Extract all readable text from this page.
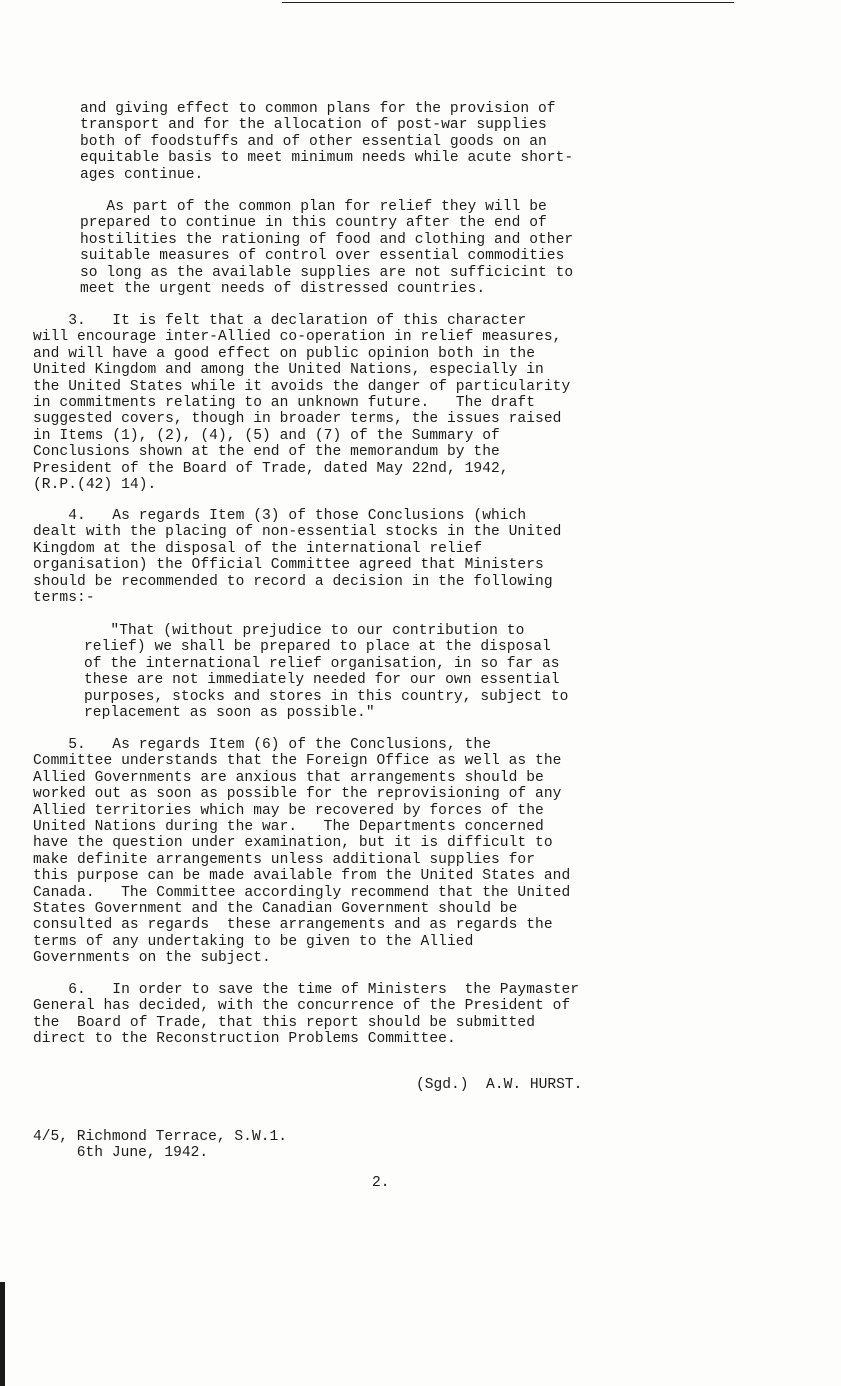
and giving effect to common plans for the provision of
transport and for the allocation of post-war supplies
both of foodstuffs and of other essential goods on an
equitable basis to meet minimum needs while acute short-
ages continue.

As part of the common plan for relief they will be
prepared to continue in this country after the end of
hostilities the rationing of food and clothing and other
suitable measures of control over essential commodities
so long as the available supplies are not sufficicint to
meet the urgent needs of distressed countries.

3.   It is felt that a declaration of this character
will encourage inter-Allied co-operation in relief measures,
and will have a good effect on public opinion both in the
United Kingdom and among the United Nations, especially in
the United States while it avoids the danger of particularity
in commitments relating to an unknown future.   The draft
suggested covers, though in broader terms, the issues raised
in Items (1), (2), (4), (5) and (7) of the Summary of
Conclusions shown at the end of the memorandum by the
President of the Board of Trade, dated May 22nd, 1942,
(R.P.(42) 14).

4.   As regards Item (3) of those Conclusions (which
dealt with the placing of non-essential stocks in the United
Kingdom at the disposal of the international relief
organisation) the Official Committee agreed that Ministers
should be recommended to record a decision in the following
terms:-

"That (without prejudice to our contribution to
relief) we shall be prepared to place at the disposal
of the international relief organisation, in so far as
these are not immediately needed for our own essential
purposes, stocks and stores in this country, subject to
replacement as soon as possible."

5.   As regards Item (6) of the Conclusions, the
Committee understands that the Foreign Office as well as the
Allied Governments are anxious that arrangements should be
worked out as soon as possible for the reprovisioning of any
Allied territories which may be recovered by forces of the
United Nations during the war.   The Departments concerned
have the question under examination, but it is difficult to
make definite arrangements unless additional supplies for
this purpose can be made available from the United States and
Canada.   The Committee accordingly recommend that the United
States Government and the Canadian Government should be
consulted as regards  these arrangements and as regards the
terms of any undertaking to be given to the Allied
Governments on the subject.

6.   In order to save the time of Ministers  the Paymaster
General has decided, with the concurrence of the President of
the  Board of Trade, that this report should be submitted
direct to the Reconstruction Problems Committee.

(Sgd.)  A.W. HURST.

4/5, Richmond Terrace, S.W.1.
6th June, 1942.

2.
